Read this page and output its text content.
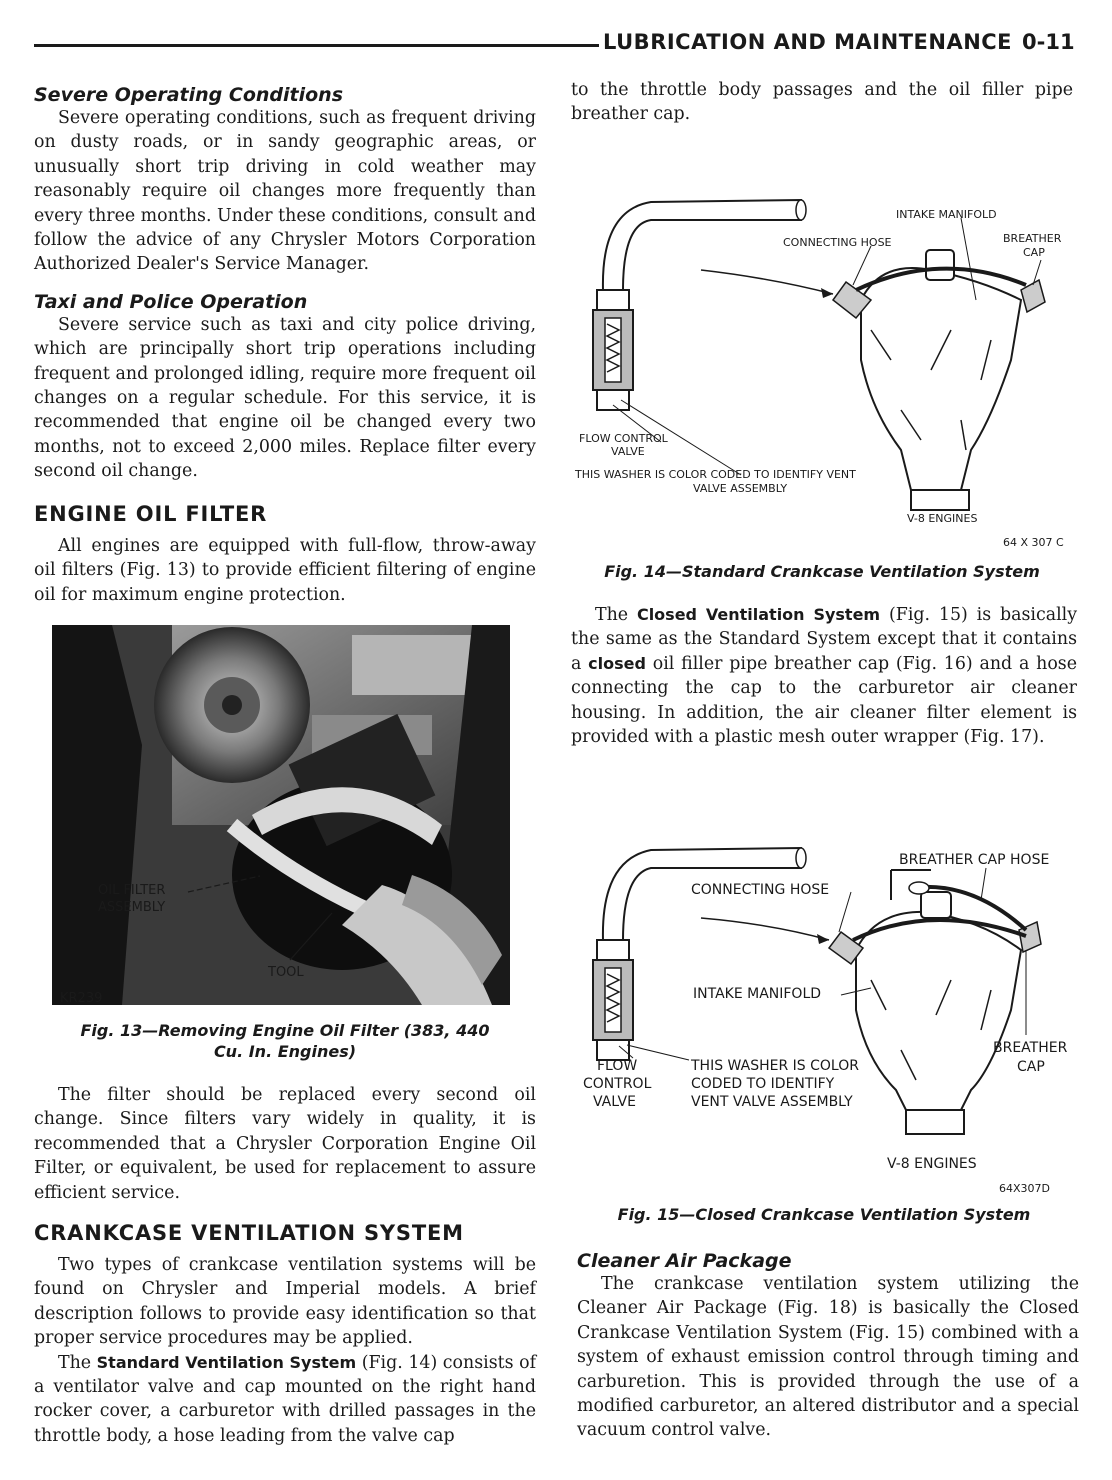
LUBRICATION AND MAINTENANCE 0-11
Severe Operating Conditions

Severe operating conditions, such as frequent driving on dusty roads, or in sandy geographic areas, or unusually short trip driving in cold weather may reasonably require oil changes more frequently than every three months. Under these conditions, consult and follow the advice of any Chrysler Motors Corporation Authorized Dealer's Service Manager.

Taxi and Police Operation

Severe service such as taxi and city police driving, which are principally short trip operations including frequent and prolonged idling, require more frequent oil changes on a regular schedule. For this service, it is recommended that engine oil be changed every two months, not to exceed 2,000 miles. Replace filter every second oil change.

ENGINE OIL FILTER

All engines are equipped with full-flow, throw-away oil filters (Fig. 13) to provide efficient filtering of engine oil for maximum engine protection.

OIL FILTER
ASSEMBLY
TOOL
KR239

Fig. 13—Removing Engine Oil Filter (383, 440

Cu. In. Engines)

The filter should be replaced every second oil change. Since filters vary widely in quality, it is recommended that a Chrysler Corporation Engine Oil Filter, or equivalent, be used for replacement to assure efficient service.

CRANKCASE VENTILATION SYSTEM

Two types of crankcase ventilation systems will be found on Chrysler and Imperial models. A brief description follows to provide easy identification so that proper service procedures may be applied.

The Standard Ventilation System (Fig. 14) consists of a ventilator valve and cap mounted on the right hand rocker cover, a carburetor with drilled passages in the throttle body, a hose leading from the valve cap

to the throttle body passages and the oil filler pipe breather cap.

INTAKE MANIFOLD
CONNECTING HOSE	BREATHER
CAP
FLOW CONTROL
VALVE
THIS WASHER IS COLOR CODED TO IDENTIFY VENT
VALVE ASSEMBLY
V-8 ENGINES
64 X 307 C

Fig. 14—Standard Crankcase Ventilation System

The Closed Ventilation System (Fig. 15) is basically the same as the Standard System except that it contains a closed oil filler pipe breather cap (Fig. 16) and a hose connecting the cap to the carburetor air cleaner housing. In addition, the air cleaner filter element is provided with a plastic mesh outer wrapper (Fig. 17).

BREATHER CAP HOSE
CONNECTING HOSE
INTAKE MANIFOLD
BREATHER
CAP
FLOW
CONTROL
VALVE
THIS WASHER IS COLOR
CODED TO IDENTIFY
VENT VALVE ASSEMBLY
V-8 ENGINES
64X307D

Fig. 15—Closed Crankcase Ventilation System

Cleaner Air Package

The crankcase ventilation system utilizing the Cleaner Air Package (Fig. 18) is basically the Closed Crankcase Ventilation System (Fig. 15) combined with a system of exhaust emission control through timing and carburetion. This is provided through the use of a modified carburetor, an altered distributor and a special vacuum control valve.
